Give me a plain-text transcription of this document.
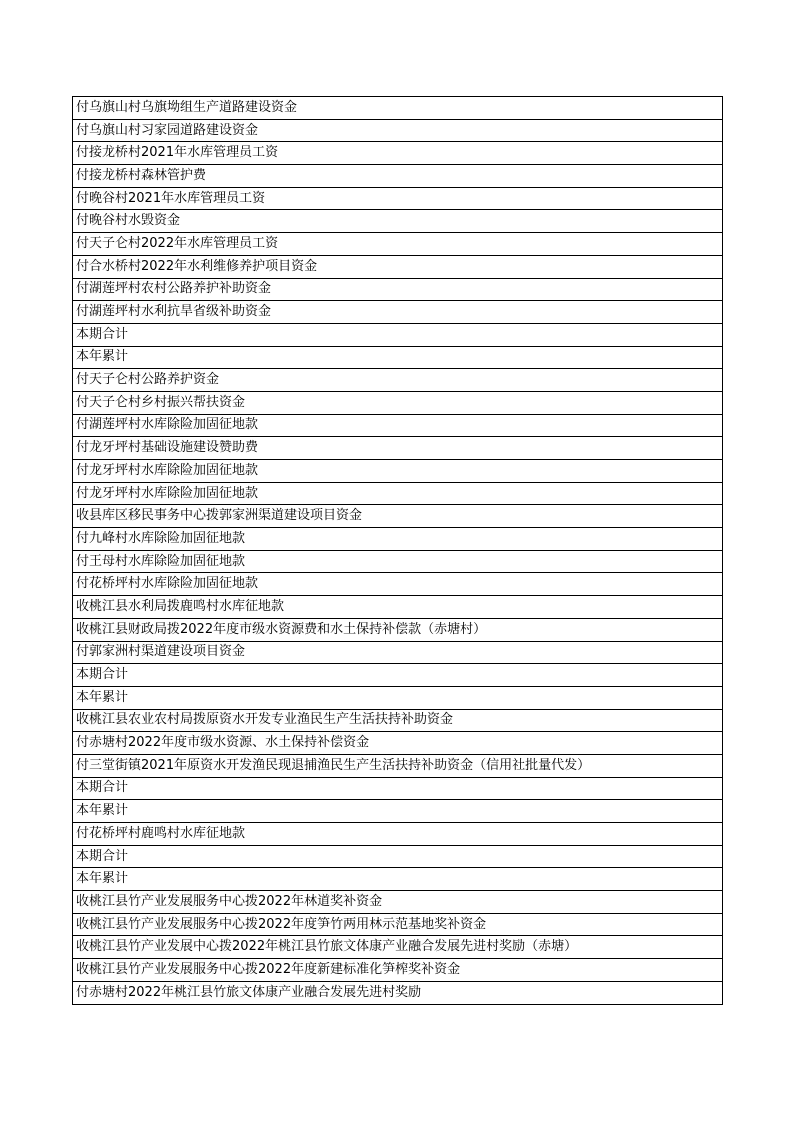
付乌旗山村乌旗坳组生产道路建设资金
付乌旗山村习家园道路建设资金
付接龙桥村2021年水库管理员工资
付接龙桥村森林管护费
付晚谷村2021年水库管理员工资
付晚谷村水毁资金
付天子仑村2022年水库管理员工资
付合水桥村2022年水利维修养护项目资金
付湖莲坪村农村公路养护补助资金
付湖莲坪村水利抗旱省级补助资金
本期合计
本年累计
付天子仑村公路养护资金
付天子仑村乡村振兴帮扶资金
付湖莲坪村水库除险加固征地款
付龙牙坪村基础设施建设赞助费
付龙牙坪村水库除险加固征地款
付龙牙坪村水库除险加固征地款
收县库区移民事务中心拨郭家洲渠道建设项目资金
付九峰村水库除险加固征地款
付王母村水库除险加固征地款
付花桥坪村水库除险加固征地款
收桃江县水利局拨鹿鸣村水库征地款
收桃江县财政局拨2022年度市级水资源费和水土保持补偿款（赤塘村）
付郭家洲村渠道建设项目资金
本期合计
本年累计
收桃江县农业农村局拨原资水开发专业渔民生产生活扶持补助资金
付赤塘村2022年度市级水资源、水土保持补偿资金
付三堂街镇2021年原资水开发渔民现退捕渔民生产生活扶持补助资金（信用社批量代发）
本期合计
本年累计
付花桥坪村鹿鸣村水库征地款
本期合计
本年累计
收桃江县竹产业发展服务中心拨2022年林道奖补资金
收桃江县竹产业发展服务中心拨2022年度笋竹两用林示范基地奖补资金
收桃江县竹产业发展中心拨2022年桃江县竹旅文体康产业融合发展先进村奖励（赤塘）
收桃江县竹产业发展服务中心拨2022年度新建标准化笋榨奖补资金
付赤塘村2022年桃江县竹旅文体康产业融合发展先进村奖励
